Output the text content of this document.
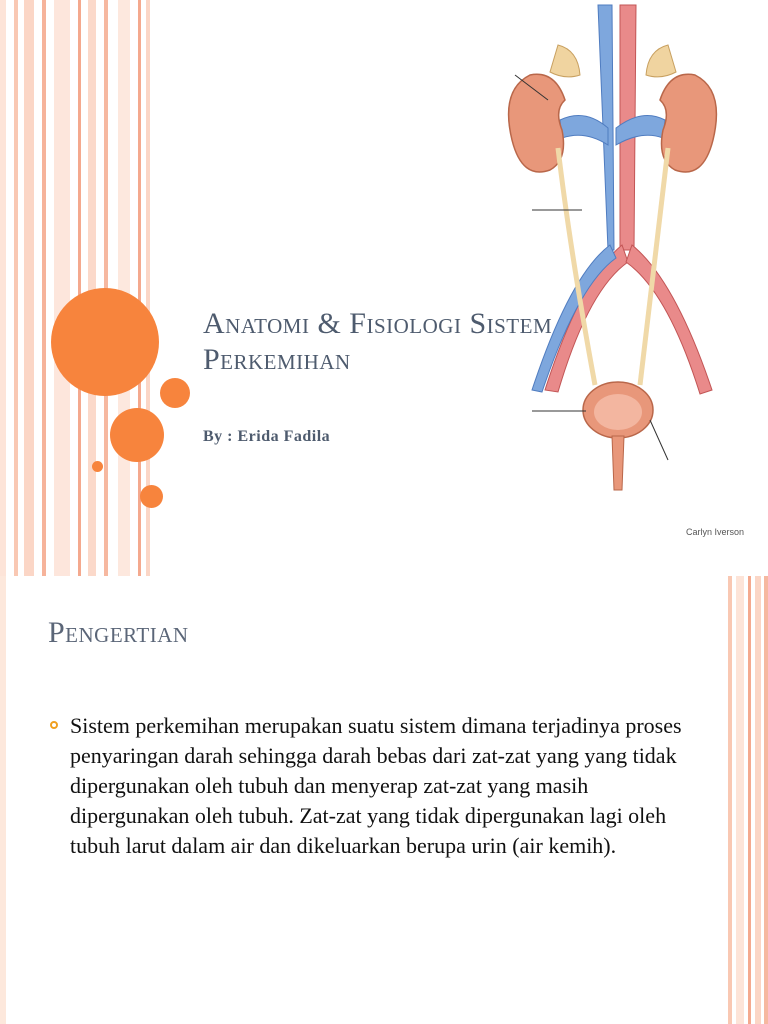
Carlyn Iverson
Anatomi & Fisiologi Sistem
Perkemihan
By : Erida Fadila
Pengertian
Sistem perkemihan merupakan suatu sistem dimana terjadinya proses penyaringan darah sehingga darah bebas dari zat-zat yang yang tidak dipergunakan oleh tubuh dan menyerap zat-zat yang masih dipergunakan oleh tubuh. Zat-zat yang tidak dipergunakan lagi oleh tubuh larut dalam air dan dikeluarkan berupa urin (air kemih).
